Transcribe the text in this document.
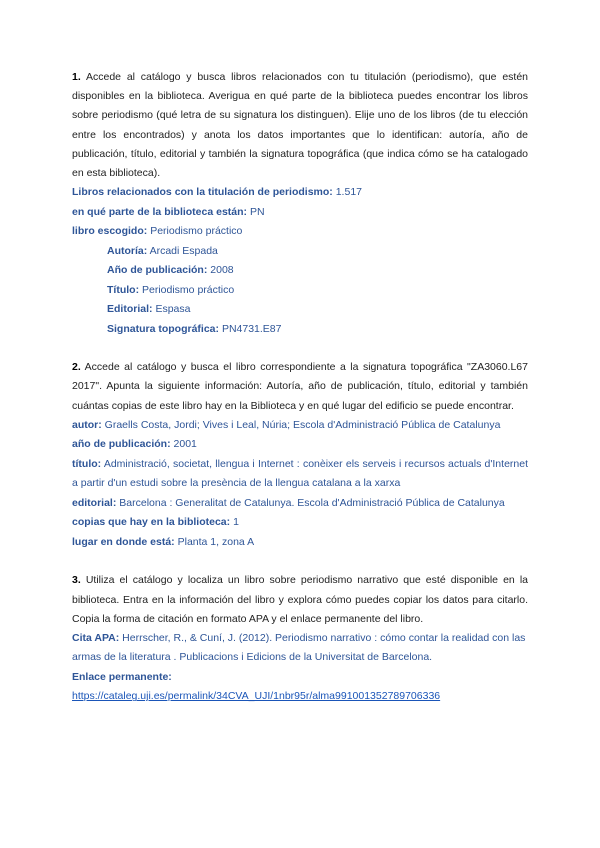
1. Accede al catálogo y busca libros relacionados con tu titulación (periodismo), que estén disponibles en la biblioteca. Averigua en qué parte de la biblioteca puedes encontrar los libros sobre periodismo (qué letra de su signatura los distinguen). Elije uno de los libros (de tu elección entre los encontrados) y anota los datos importantes que lo identifican: autoría, año de publicación, título, editorial y también la signatura topográfica (que indica cómo se ha catalogado en esta biblioteca).

Libros relacionados con la titulación de periodismo: 1.517

en qué parte de la biblioteca están: PN

libro escogido: Periodismo práctico

Autoría: Arcadi Espada

Año de publicación: 2008

Título: Periodismo práctico

Editorial: Espasa

Signatura topográfica: PN4731.E87

2. Accede al catálogo y busca el libro correspondiente a la signatura topográfica "ZA3060.L67 2017". Apunta la siguiente información: Autoría, año de publicación, título, editorial y también cuántas copias de este libro hay en la Biblioteca y en qué lugar del edificio se puede encontrar.

autor: Graells Costa, Jordi; Vives i Leal, Núria; Escola d'Administració Pública de Catalunya

año de publicación: 2001

título: Administració, societat, llengua i Internet : conèixer els serveis i recursos actuals d'Internet a partir d'un estudi sobre la presència de la llengua catalana a la xarxa

editorial: Barcelona : Generalitat de Catalunya. Escola d'Administració Pública de Catalunya

copias que hay en la biblioteca: 1

lugar en donde está: Planta 1, zona A

3. Utiliza el catálogo y localiza un libro sobre periodismo narrativo que esté disponible en la biblioteca. Entra en la información del libro y explora cómo puedes copiar los datos para citarlo. Copia la forma de citación en formato APA y el enlace permanente del libro.

Cita APA: Herrscher, R., & Cuní, J. (2012). Periodismo narrativo : cómo contar la realidad con las armas de la literatura . Publicacions i Edicions de la Universitat de Barcelona.

Enlace permanente:

https://cataleg.uji.es/permalink/34CVA_UJI/1nbr95r/alma991001352789706336
